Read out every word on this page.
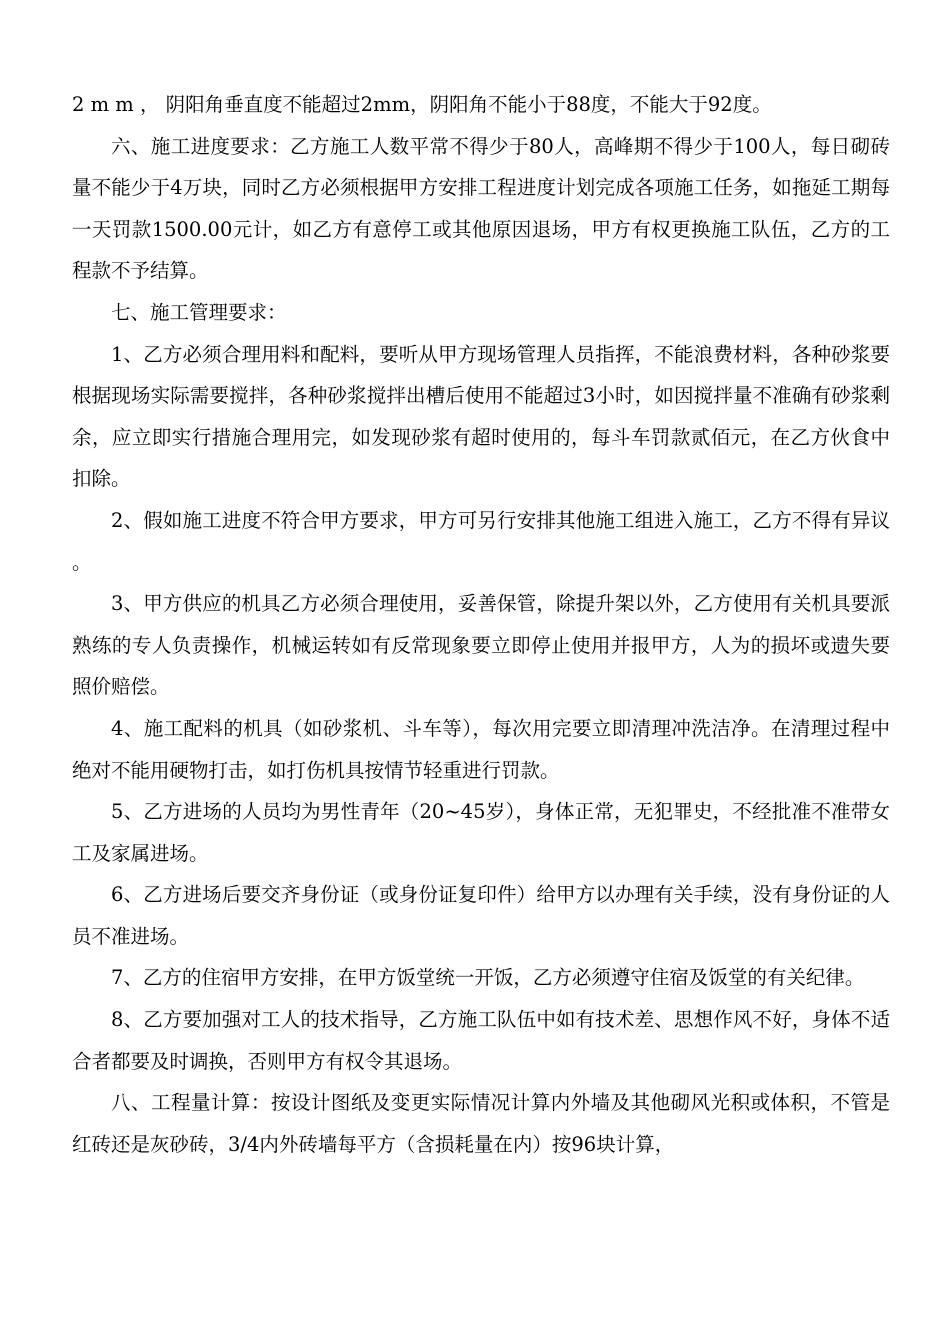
2 m m ， 阴阳角垂直度不能超过2mm，阴阳角不能小于88度，不能大于92度。

六、施工进度要求：乙方施工人数平常不得少于80人，高峰期不得少于100人，每日砌砖量不能少于4万块，同时乙方必须根据甲方安排工程进度计划完成各项施工任务，如拖延工期每一天罚款1500.00元计，如乙方有意停工或其他原因退场，甲方有权更换施工队伍，乙方的工程款不予结算。

七、施工管理要求：

1、乙方必须合理用料和配料，要听从甲方现场管理人员指挥，不能浪费材料，各种砂浆要根据现场实际需要搅拌，各种砂浆搅拌出槽后使用不能超过3小时，如因搅拌量不准确有砂浆剩余，应立即实行措施合理用完，如发现砂浆有超时使用的，每斗车罚款贰佰元，在乙方伙食中扣除。

2、假如施工进度不符合甲方要求，甲方可另行安排其他施工组进入施工，乙方不得有异议。

3、甲方供应的机具乙方必须合理使用，妥善保管，除提升架以外，乙方使用有关机具要派熟练的专人负责操作，机械运转如有反常现象要立即停止使用并报甲方，人为的损坏或遗失要照价赔偿。

4、施工配料的机具（如砂浆机、斗车等），每次用完要立即清理冲洗洁净。在清理过程中绝对不能用硬物打击，如打伤机具按情节轻重进行罚款。

5、乙方进场的人员均为男性青年（20~45岁），身体正常，无犯罪史，不经批准不准带女工及家属进场。

6、乙方进场后要交齐身份证（或身份证复印件）给甲方以办理有关手续，没有身份证的人员不准进场。

7、乙方的住宿甲方安排，在甲方饭堂统一开饭，乙方必须遵守住宿及饭堂的有关纪律。

8、乙方要加强对工人的技术指导，乙方施工队伍中如有技术差、思想作风不好，身体不适合者都要及时调换，否则甲方有权令其退场。

八、工程量计算：按设计图纸及变更实际情况计算内外墙及其他砌风光积或体积，不管是红砖还是灰砂砖，3/4内外砖墙每平方（含损耗量在内）按96块计算，
